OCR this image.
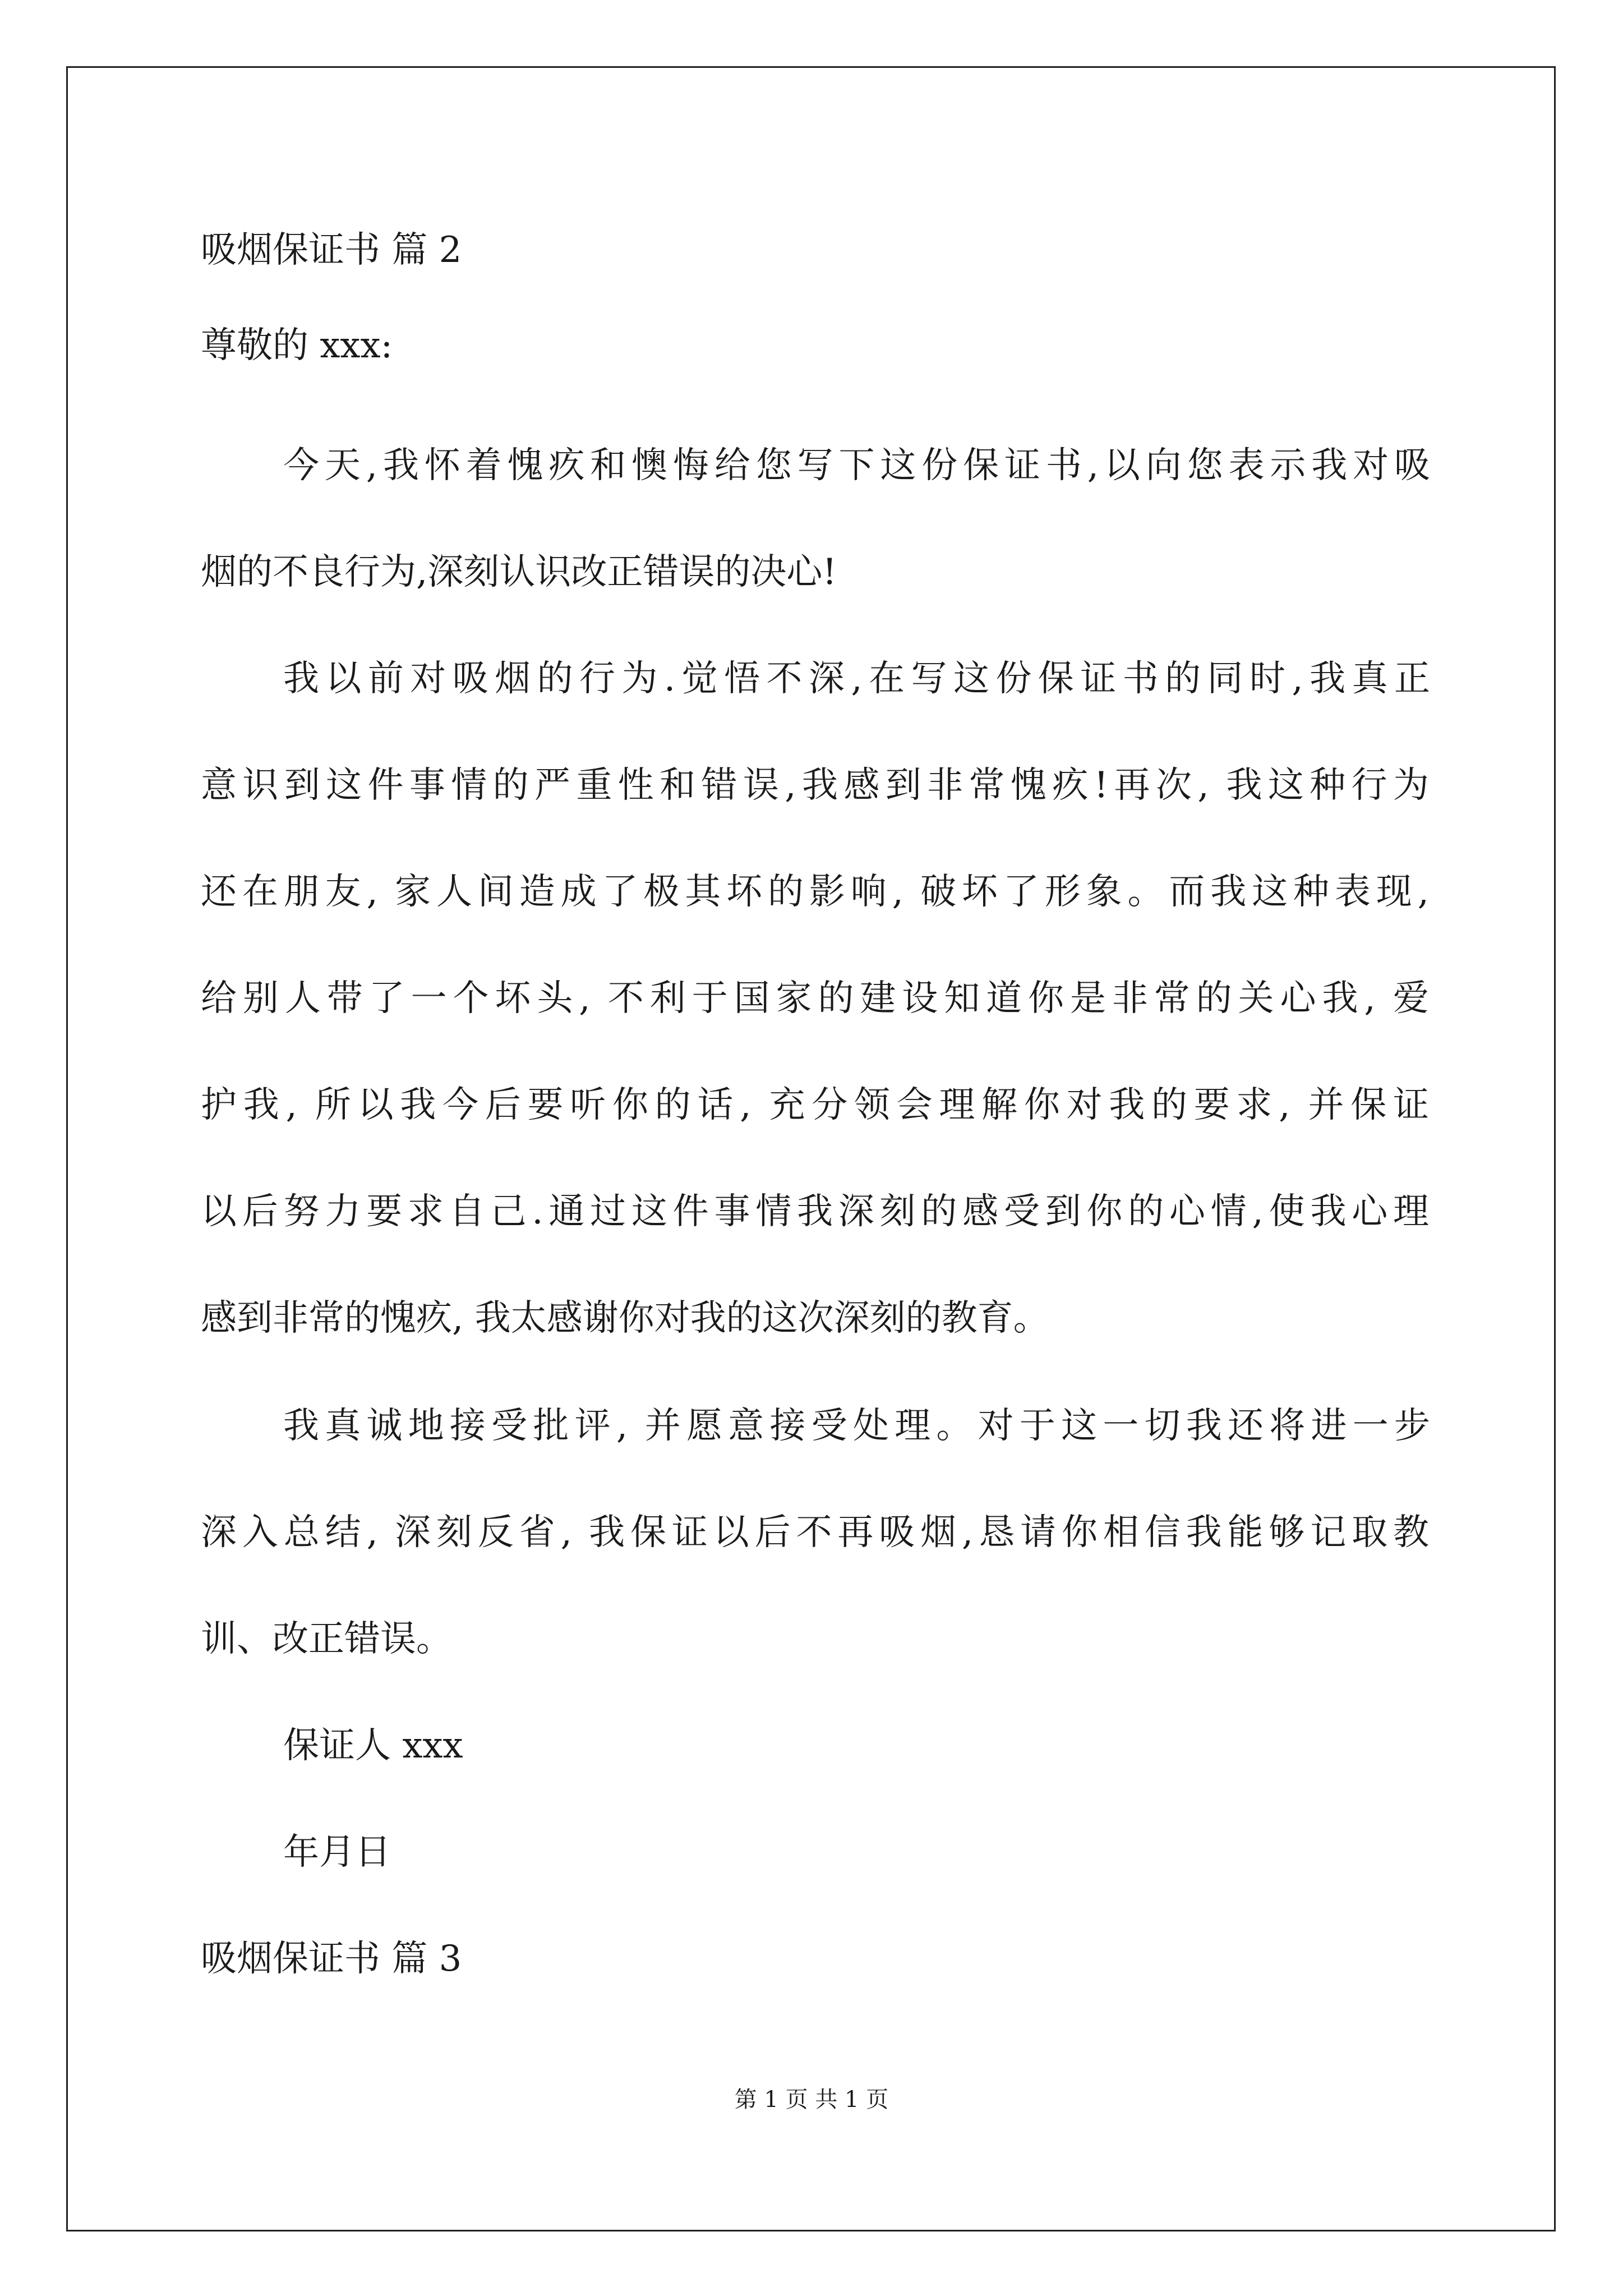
吸烟保证书 篇 2
尊敬的 xxx:
今天,我怀着愧疚和懊悔给您写下这份保证书,以向您表示我对吸
烟的不良行为,深刻认识改正错误的决心!
我以前对吸烟的行为.觉悟不深,在写这份保证书的同时,我真正
意识到这件事情的严重性和错误,我感到非常愧疚!再次, 我这种行为
还在朋友, 家人间造成了极其坏的影响, 破坏了形象。而我这种表现,
给别人带了一个坏头, 不利于国家的建设知道你是非常的关心我, 爱
护我, 所以我今后要听你的话, 充分领会理解你对我的要求, 并保证
以后努力要求自己.通过这件事情我深刻的感受到你的心情,使我心理
感到非常的愧疚, 我太感谢你对我的这次深刻的教育。
我真诚地接受批评, 并愿意接受处理。对于这一切我还将进一步
深入总结, 深刻反省, 我保证以后不再吸烟,恳请你相信我能够记取教
训、改正错误。
保证人 xxx
年月日
吸烟保证书 篇 3
第 1 页 共 1 页
